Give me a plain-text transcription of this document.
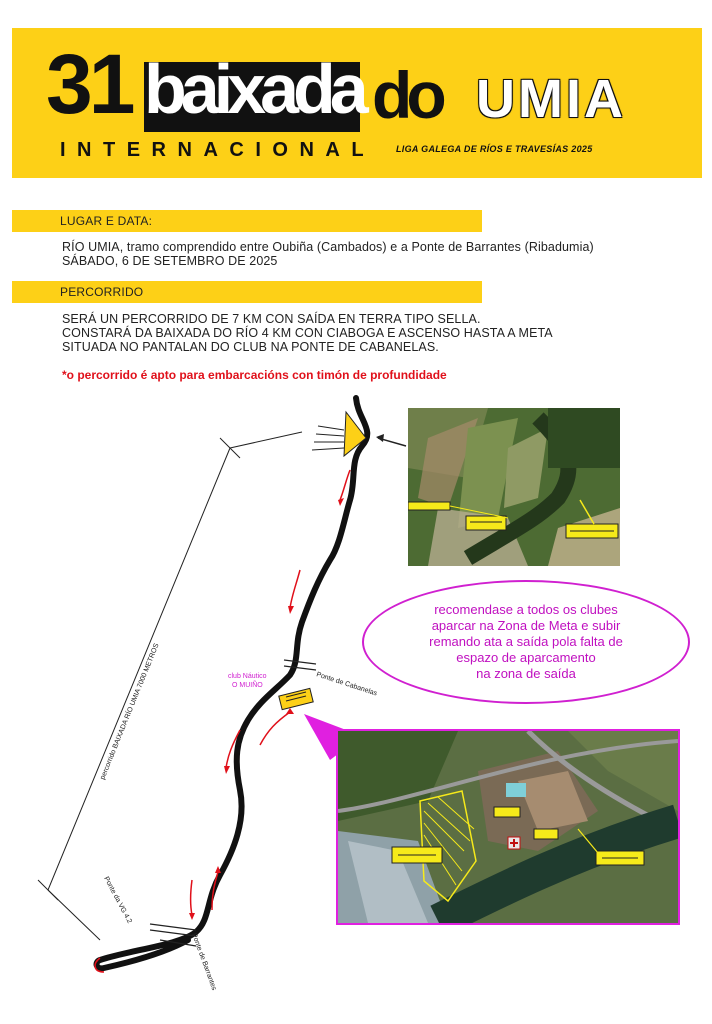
31 baixada do UMIA
INTERNACIONAL LIGA GALEGA DE RÍOS E TRAVESÍAS 2025
LUGAR E DATA:
RÍO UMIA, tramo comprendido entre Oubiña (Cambados) e a Ponte de Barrantes (Ribadumia)
SÁBADO, 6 DE SETEMBRO DE 2025
PERCORRIDO
SERÁ UN PERCORRIDO DE 7 KM CON SAÍDA EN TERRA TIPO SELLA.
CONSTARÁ DA BAIXADA DO RÍO 4 KM CON CIABOGA E ASCENSO HASTA A META
SITUADA NO PANTALAN DO CLUB NA PONTE DE CABANELAS.
*o percorrido é apto para embarcacións con timón de profundidade
percorrido BAIXADA RÍO UMIA 7000 METROS	club Náutico
O MUIÑO	Ponte de Cabanelas
Ponte da VG 4.2
Ponte de Barrantes
recomendase a todos os clubes
aparcar na Zona de Meta e subir
remando ata a saída pola falta de
espazo de aparcamento
na zona de saída
